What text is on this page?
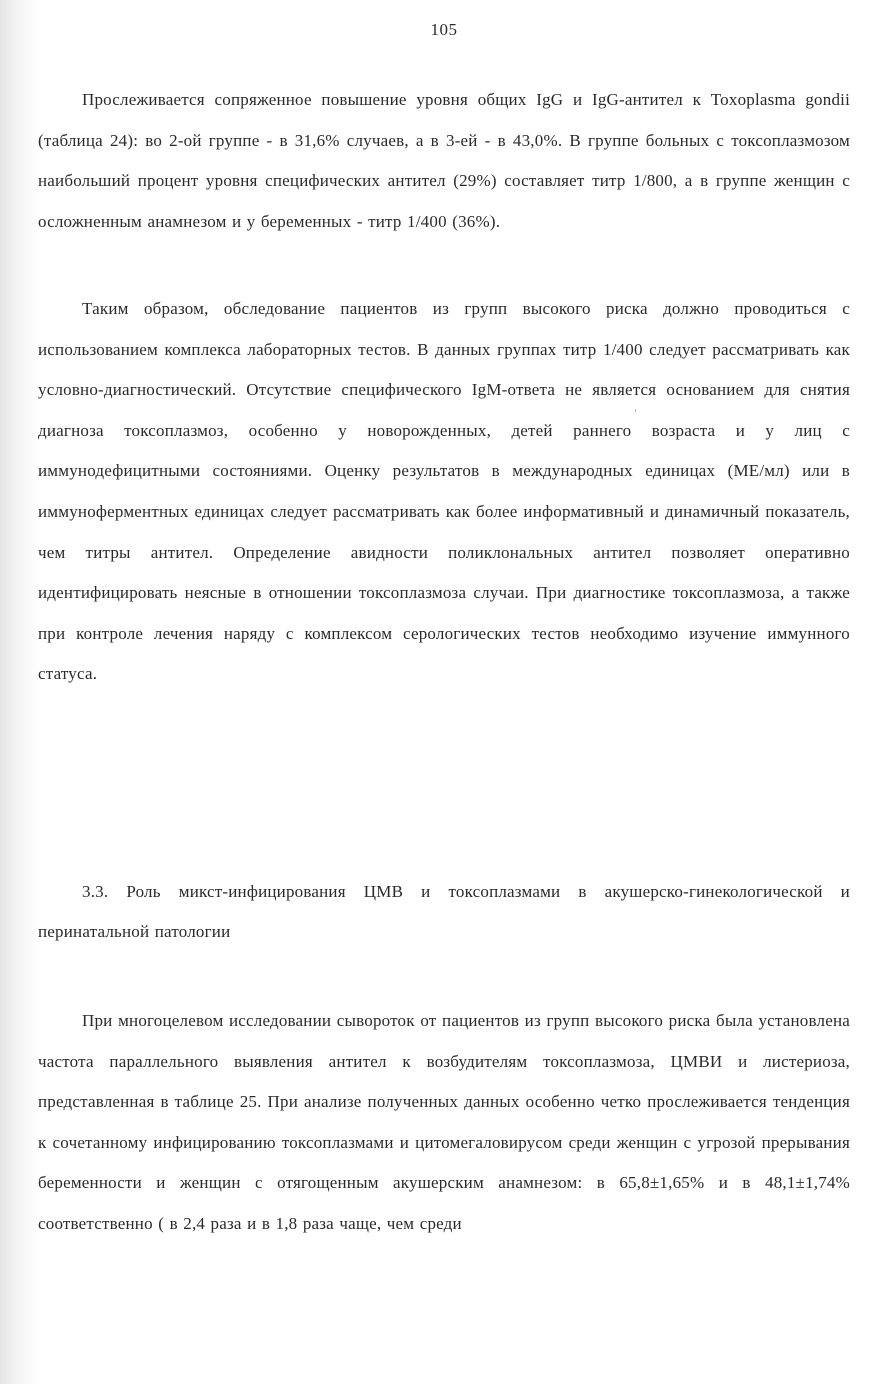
105

Прослеживается сопряженное повышение уровня общих IgG и IgG-антител к Toxoplasma gondii (таблица 24): во 2-ой группе - в 31,6% случаев, а в 3-ей - в 43,0%. В группе больных с токсоплазмозом наибольший процент уровня специфических антител (29%) составляет титр 1/800, а в группе женщин с осложненным анамнезом и у беременных - титр 1/400 (36%).

Таким образом, обследование пациентов из групп высокого риска должно проводиться с использованием комплекса лабораторных тестов. В данных группах титр 1/400 следует рассматривать как условно-диагностический. Отсутствие специфического IgM-ответа не является основанием для снятия диагноза токсоплазмоз, особенно у новорожденных, детей раннего возраста и у лиц с иммунодефицитными состояниями. Оценку результатов в международных единицах (МЕ/мл) или в иммуноферментных единицах следует рассматривать как более информативный и динамичный показатель, чем титры антител. Определение авидности поликлональных антител позволяет оперативно идентифицировать неясные в отношении токсоплазмоза случаи. При диагностике токсоплазмоза, а также при контроле лечения наряду с комплексом серологических тестов необходимо изучение иммунного статуса.

ʼ
3.3. Роль микст-инфицирования ЦМВ и токсоплазмами в акушерско-гинекологической и перинатальной патологии

При многоцелевом исследовании сывороток от пациентов из групп высокого риска была установлена частота параллельного выявления антител к возбудителям токсоплазмоза, ЦМВИ и листериоза, представленная в таблице 25. При анализе полученных данных особенно четко прослеживается тенденция к сочетанному инфицированию токсоплазмами и цитомегаловирусом среди женщин с угрозой прерывания беременности и женщин с отягощенным акушерским анамнезом: в 65,8±1,65% и в 48,1±1,74% соответственно ( в 2,4 раза и в 1,8 раза чаще, чем среди
